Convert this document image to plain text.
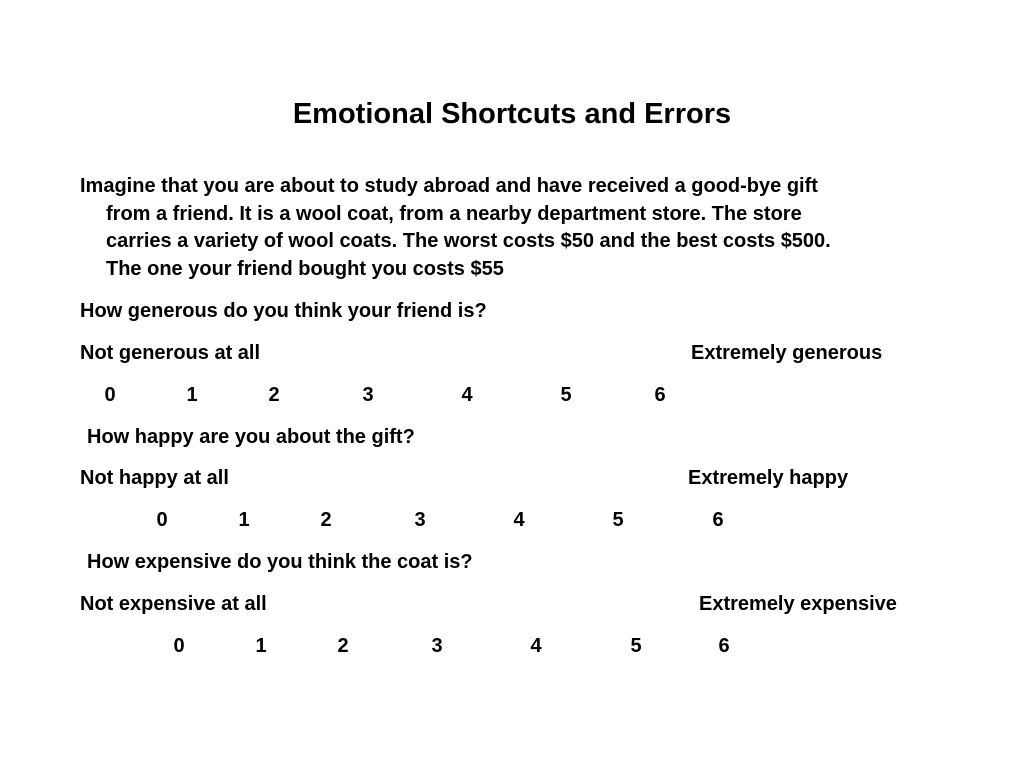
Emotional Shortcuts and Errors
Imagine that you are about to study abroad and have received a good-bye gift
from a friend. It is a wool coat, from a nearby department store. The store
carries a variety of wool coats. The worst costs $50 and the best costs $500.
The one your friend bought you costs $55
How generous do you think your friend is?
Not generous at all	Extremely generous
0	1	2	3	4	5	6
How happy are you about the gift?
Not happy at all	Extremely happy
0	1	2	3	4	5	6
How expensive do you think the coat is?
Not expensive at all	Extremely expensive
0	1	2	3	4	5	6
